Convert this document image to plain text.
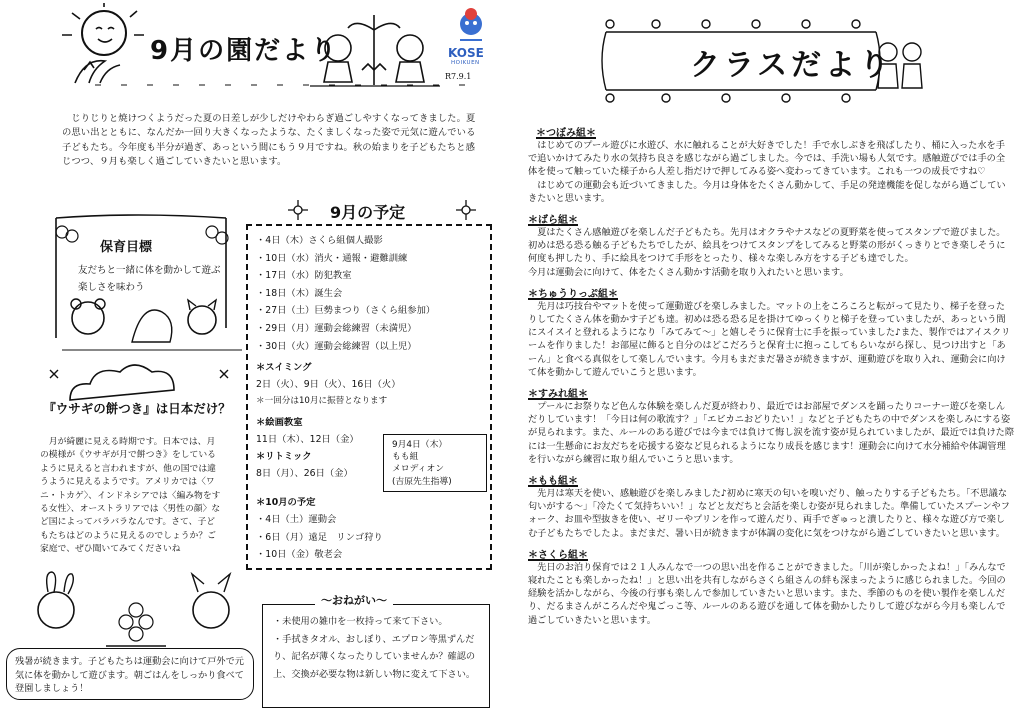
9月の園だより	KOSE
HOIKUEN
R7.9.1
じりじりと焼けつくようだった夏の日差しが少しだけやわらぎ過ごしやすくなってきました。夏の思い出とともに、なんだか一回り大きくなったような、たくましくなった姿で元気に遊んでいる子どもたち。今年度も半分が過ぎ、あっという間にもう９月ですね。秋の始まりを子どもたちと感じつつ、９月も楽しく過ごしていきたいと思います。
保育目標
友だちと一緒に体を動かして遊ぶ楽しさを味わう
『ウサギの餅つき』は日本だけ？
月が綺麗に見える時期です。日本では、月の模様が《ウサギが月で餅つき》をしているように見えると言われますが、他の国では違うように見えるようです。アメリカでは〈ワニ・トカゲ〉、インドネシアでは〈編み物をする女性〉、オーストラリアでは〈男性の顔〉など国によってバラバラなんです。さて、子どもたちはどのように見えるのでしょうか？ご家庭で、ぜひ聞いてみてくださいね
残暑が続きます。子どもたちは運動会に向けて戸外で元気に体を動かして遊びます。朝ごはんをしっかり食べて登園しましょう！
9月の予定
・4日（木）さくら組個人撮影
・10日（水）消火・通報・避難訓練
・17日（水）防犯教室
・18日（木）誕生会
・27日（土）巨勢まつり（さくら組参加）
・29日（月）運動会総練習（未満児）
・30日（火）運動会総練習（以上児）
＊スイミング
2日（火）、9日（火）、16日（火）
＊一回分は10月に振替となります
＊絵画教室
11日（木）、12日（金）
＊リトミック
8日（月）、26日（金）
＊10月の予定
・4日（土）運動会
・6日（月）遠足　リンゴ狩り
・10日（金）敬老会
9月4日（木）
もも組
メロディオン
(吉原先生指導)
～おねがい～
・未使用の雑巾を一枚持って来て下さい。
・手拭きタオル、おしぼり、エプロン等黒ずんだり、記名が薄くなったりしていませんか？確認の上、交換が必要な物は新しい物に変えて下さい。
クラスだより
＊つぼみ組＊

はじめてのプール遊びに水遊び、水に触れることが大好きでした！手で水しぶきを飛ばしたり、桶に入った水を手で追いかけてみたり水の気持ち良さを感じながら過ごしました。今では、手洗い場も人気です。感触遊びでは手の全体を使って触っていた様子から人差し指だけで押してみる姿へ変わってきています。これも一つの成長ですね♡

はじめての運動会も近づいてきました。今月は身体をたくさん動かして、手足の発達機能を促しながら過ごしていきたいと思います。

＊ばら組＊

夏はたくさん感触遊びを楽しんだ子どもたち。先月はオクラやナスなどの夏野菜を使ってスタンプで遊びました。初めは恐る恐る触る子どもたちでしたが、絵具をつけてスタンプをしてみると野菜の形がくっきりとでき楽しそうに何度も押したり、手に絵具をつけて手形をとったり、様々な楽しみ方をする子ども達でした。

今月は運動会に向けて、体をたくさん動かす活動を取り入れたいと思います。

＊ちゅうりっぷ組＊

先月は巧技台やマットを使って運動遊びを楽しみました。マットの上をころころと転がって見たり、梯子を登ったりしてたくさん体を動かす子ども達。初めは恐る恐る足を掛けてゆっくりと梯子を登っていましたが、あっという間にスイスイと登れるようになり「みてみて～」と嬉しそうに保育士に手を振っていました♪また、製作ではアイスクリームを作りました！お部屋に飾ると自分のはどこだろうと保育士に抱っこしてもらいながら探し、見つけ出すと「あーん」と食べる真似をして楽しんでいます。今月もまだまだ暑さが続きますが、運動遊びを取り入れ、運動会に向けて体を動かして遊んでいこうと思います。

＊すみれ組＊

プールにお祭りなど色んな体験を楽しんだ夏が終わり、最近ではお部屋でダンスを踊ったりコーナー遊びを楽しんだりしています！「今日は何の歌流す？」「エビカニおどりたい！」などと子どもたちの中でダンスを楽しみにする姿が見られます。また、ルールのある遊びでは今までは負けて悔し涙を流す姿が見られていましたが、最近では負けた際には一生懸命にお友だちを応援する姿など見られるようになり成長を感じます！運動会に向けて水分補給や体調管理を行いながら練習に取り組んでいこうと思います。

＊もも組＊

先月は寒天を使い、感触遊びを楽しみました♪初めに寒天の匂いを嗅いだり、触ったりする子どもたち。「不思議な匂いがする～」「冷たくて気持ちいい！」などと友だちと会話を楽しむ姿が見られました。準備していたスプーンやフォーク、お皿や型抜きを使い、ゼリーやプリンを作って遊んだり、両手でぎゅっと潰したりと、様々な遊び方で楽しむ子どもたちでしたよ。まだまだ、暑い日が続きますが体調の変化に気をつけながら過ごしていきたいと思います。

＊さくら組＊

先日のお泊り保育では２１人みんなで一つの思い出を作ることができました。「川が楽しかったよね！」「みんなで寝れたことも楽しかったね！」と思い出を共有しながらさくら組さんの絆も深まったように感じられました。今回の経験を活かしながら、今後の行事も楽しんで参加していきたいと思います。また、季節のものを使い製作を楽しんだり、だるまさんがころんだや鬼ごっこ等、ルールのある遊びを通して体を動かしたりして遊びながら今月も楽しんで過ごしていきたいと思います。
